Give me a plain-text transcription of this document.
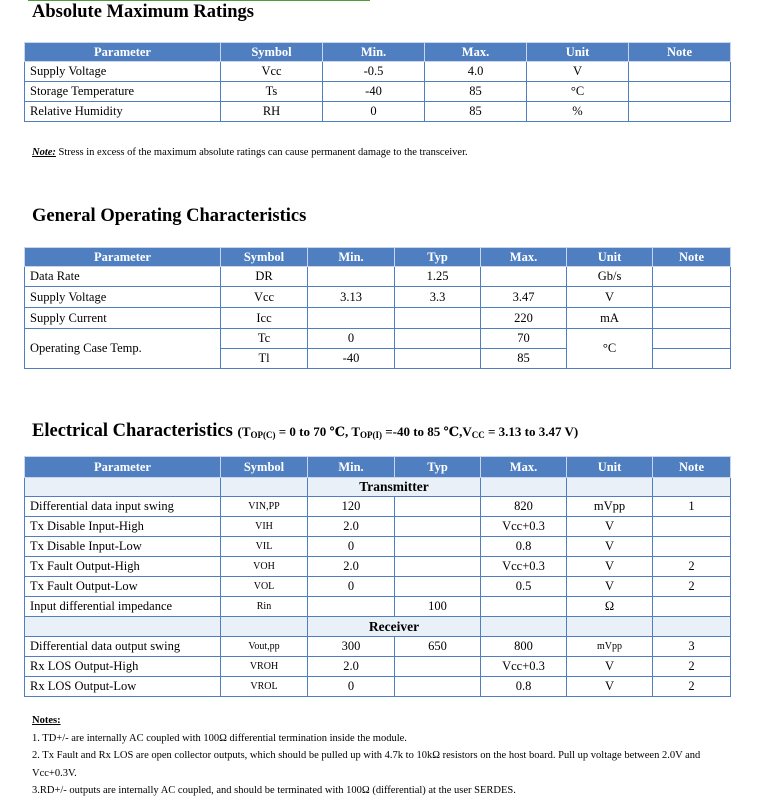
Absolute Maximum Ratings
Parameter	Symbol	Min.	Max.	Unit	Note
Supply Voltage	Vcc	-0.5	4.0	V	
Storage Temperature	Ts	-40	85	°C	
Relative Humidity	RH	0	85	%	
Note: Stress in excess of the maximum absolute ratings can cause permanent damage to the transceiver.
General Operating Characteristics
Parameter	Symbol	Min.	Typ	Max.	Unit	Note
Data Rate	DR		1.25		Gb/s	
Supply Voltage	Vcc	3.13	3.3	3.47	V	
Supply Current	Icc			220	mA	
Operating Case Temp.	Tc	0		70	°C	
	Tl	-40		85		
Electrical Characteristics ($T_{OP(C)} = 0$ to 70 ℃, $T_{OP(I)} =-40$ to 85 $℃,V_{CC} = 3.13$ to 3.47 V)
Parameter	Symbol	Min.	Typ	Max.	Unit	Note
		Transmitter				
Differential data input swing	VIN,PP	120		820	mVpp	1
Tx Disable Input-High	VIH	2.0		Vcc+0.3	V	
Tx Disable Input-Low	VIL	0		0.8	V	
Tx Fault Output-High	VOH	2.0		Vcc+0.3	V	2
Tx Fault Output-Low	VOL	0		0.5	V	2
Input differential impedance	Rin		100		Ω	
		Receiver				
Differential data output swing	Vout,pp	300	650	800	mVpp	3
Rx LOS Output-High	VROH	2.0		Vcc+0.3	V	2
Rx LOS Output-Low	VROL	0		0.8	V	2
Notes:
1. TD+/- are internally AC coupled with 100Ω differential termination inside the module.
2. Tx Fault and Rx LOS are open collector outputs, which should be pulled up with 4.7k to 10kΩ resistors on the host board. Pull up voltage between 2.0V and Vcc+0.3V.
3.RD+/- outputs are internally AC coupled, and should be terminated with 100Ω (differential) at the user SERDES.
